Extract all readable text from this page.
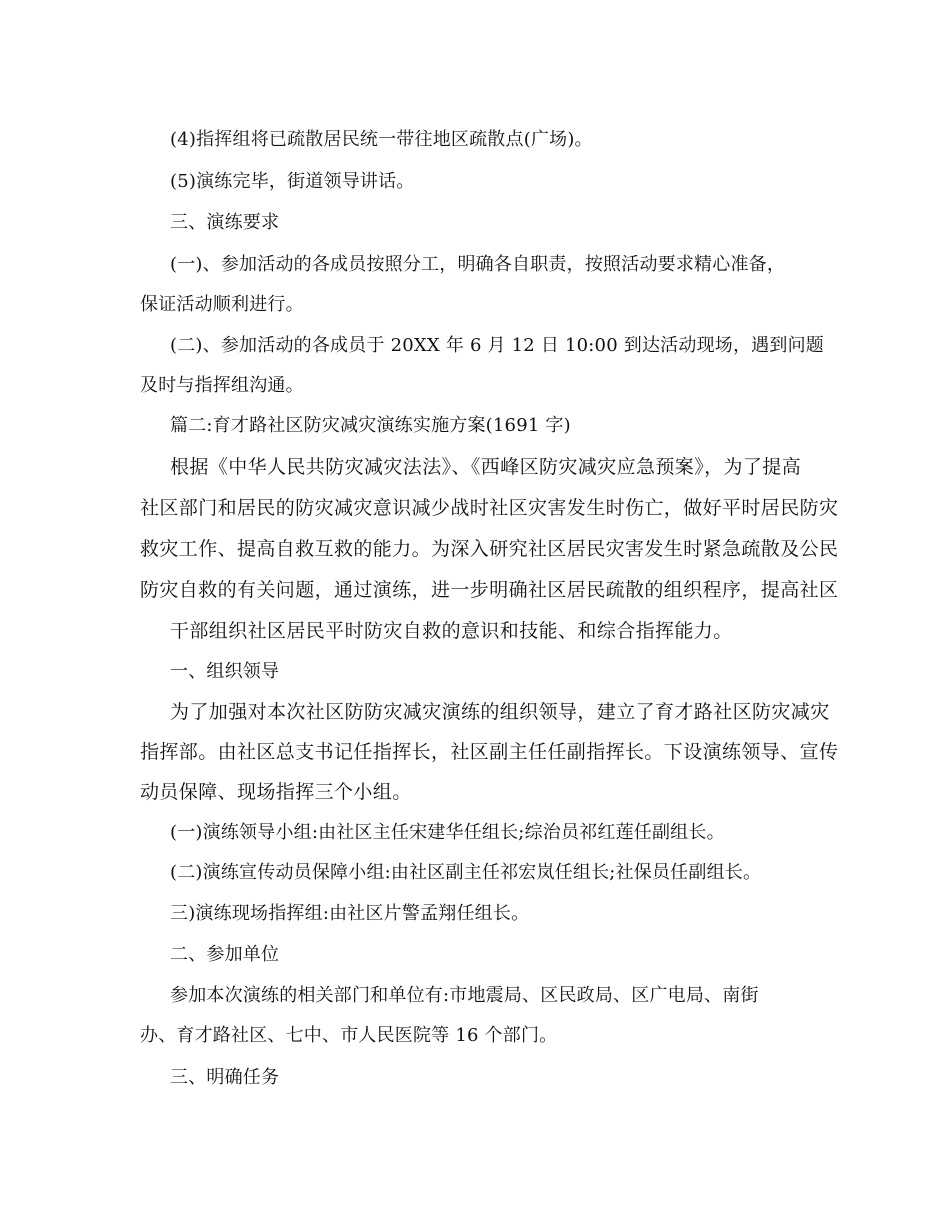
(4)指挥组将已疏散居民统一带往地区疏散点(广场)。
(5)演练完毕，街道领导讲话。
三、演练要求
(一)、参加活动的各成员按照分工，明确各自职责，按照活动要求精心准备，
保证活动顺利进行。
(二)、参加活动的各成员于 20XX 年 6 月 12 日 10:00 到达活动现场，遇到问题
及时与指挥组沟通。
篇二:育才路社区防灾减灾演练实施方案(1691 字)
根据《中华人民共防灾减灾法法》、《西峰区防灾减灾应急预案》，为了提高
社区部门和居民的防灾减灾意识减少战时社区灾害发生时伤亡，做好平时居民防灾
救灾工作、提高自救互救的能力。为深入研究社区居民灾害发生时紧急疏散及公民
防灾自救的有关问题，通过演练，进一步明确社区居民疏散的组织程序，提高社区
干部组织社区居民平时防灾自救的意识和技能、和综合指挥能力。
一、组织领导
为了加强对本次社区防防灾减灾演练的组织领导，建立了育才路社区防灾减灾
指挥部。由社区总支书记任指挥长，社区副主任任副指挥长。下设演练领导、宣传
动员保障、现场指挥三个小组。
(一)演练领导小组:由社区主任宋建华任组长;综治员祁红莲任副组长。
(二)演练宣传动员保障小组:由社区副主任祁宏岚任组长;社保员任副组长。
三)演练现场指挥组:由社区片警孟翔任组长。
二、参加单位
参加本次演练的相关部门和单位有:市地震局、区民政局、区广电局、南街
办、育才路社区、七中、市人民医院等 16 个部门。
三、明确任务
